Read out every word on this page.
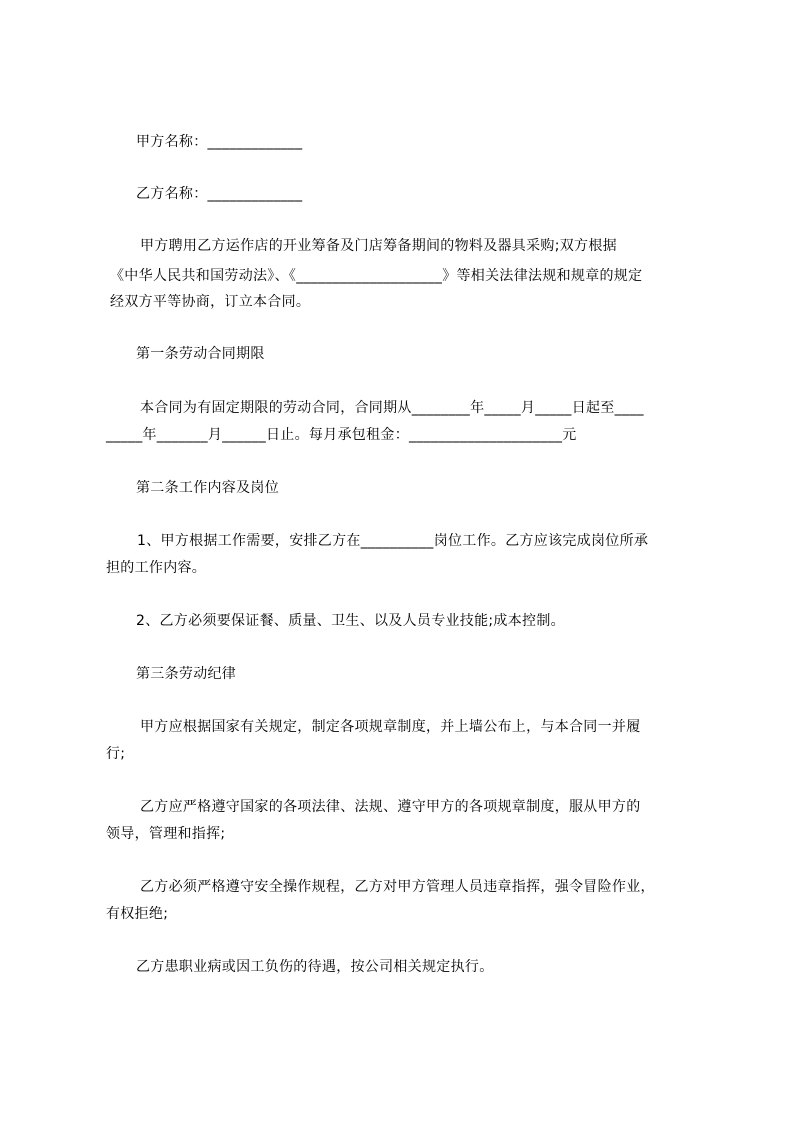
甲方名称：_____________
乙方名称：_____________
甲方聘用乙方运作店的开业筹备及门店筹备期间的物料及器具采购;双方根据
《中华人民共和国劳动法》、《____________________》等相关法律法规和规章的规定
经双方平等协商，订立本合同。
第一条劳动合同期限
本合同为有固定期限的劳动合同，合同期从________年_____月_____日起至____
_____年_______月______日止。每月承包租金：_____________________元
第二条工作内容及岗位
1、甲方根据工作需要，安排乙方在__________岗位工作。乙方应该完成岗位所承
担的工作内容。
2、乙方必须要保证餐、质量、卫生、以及人员专业技能;成本控制。
第三条劳动纪律
甲方应根据国家有关规定，制定各项规章制度，并上墙公布上，与本合同一并履
行;
乙方应严格遵守国家的各项法律、法规、遵守甲方的各项规章制度，服从甲方的
领导，管理和指挥;
乙方必须严格遵守安全操作规程，乙方对甲方管理人员违章指挥，强令冒险作业，
有权拒绝;
乙方患职业病或因工负伤的待遇，按公司相关规定执行。
